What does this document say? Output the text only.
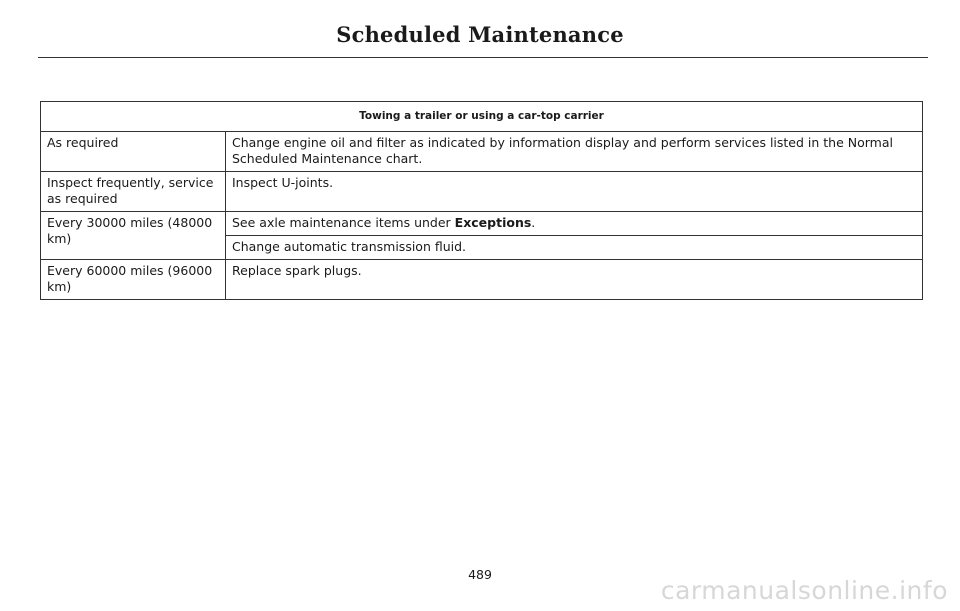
Scheduled Maintenance
Towing a trailer or using a car-top carrier	
As required	Change engine oil and filter as indicated by information display and perform services listed in the Normal Scheduled Maintenance chart.
Inspect frequently, service as required	Inspect U-joints.
Every 30000 miles (48000 km)	See axle maintenance items under Exceptions.
	Change automatic transmission fluid.
Every 60000 miles (96000 km)	Replace spark plugs.
489
carmanualsonline.info
